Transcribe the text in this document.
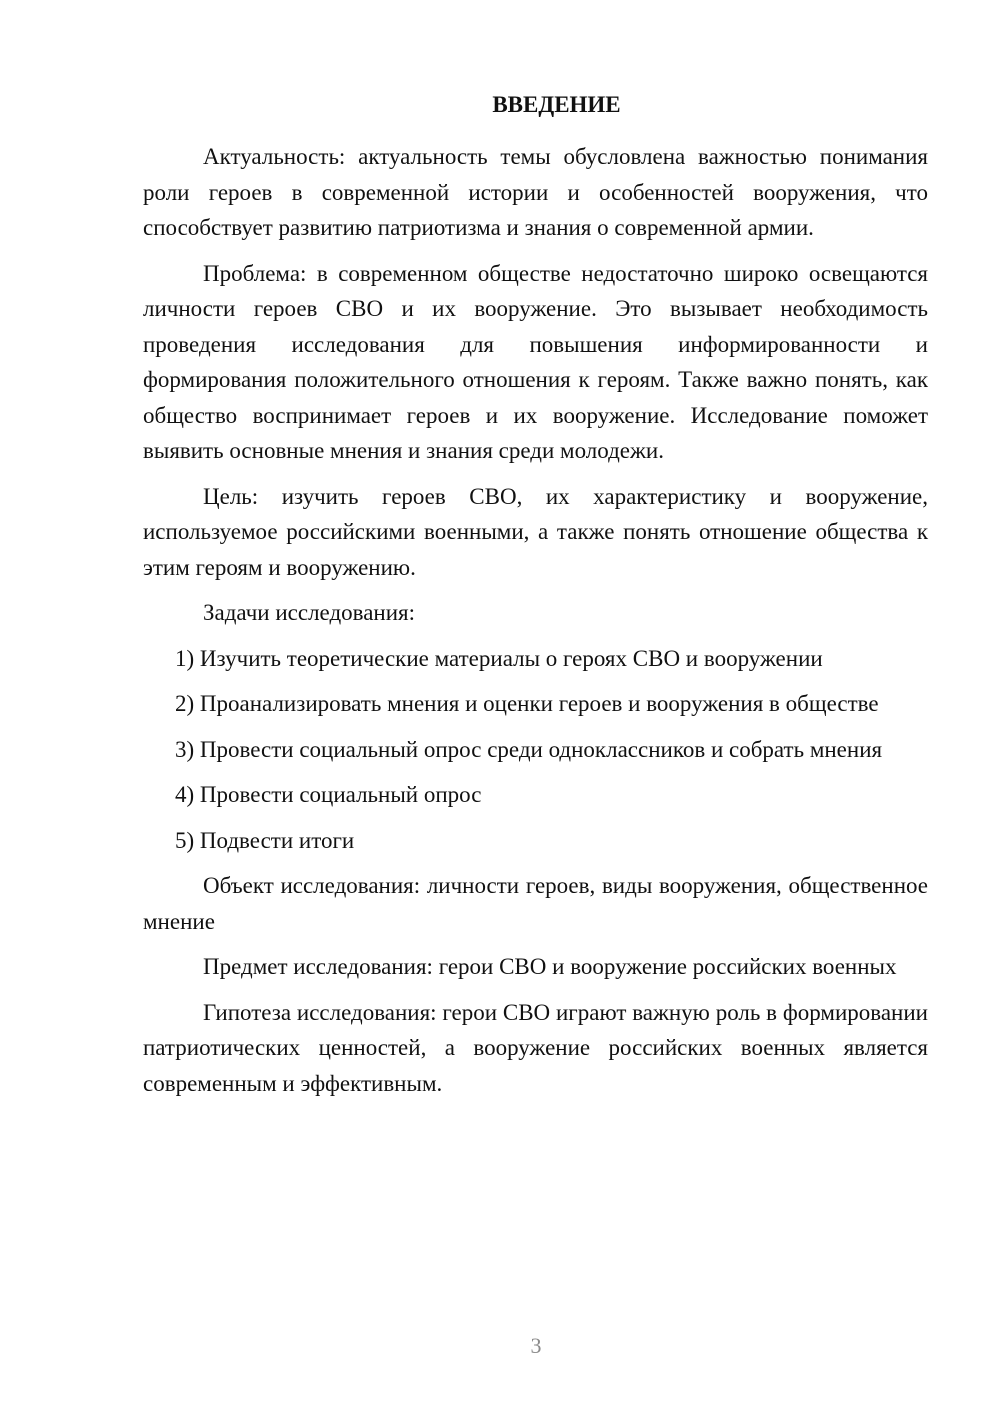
ВВЕДЕНИЕ

Актуальность: актуальность темы обусловлена важностью понимания роли героев в современной истории и особенностей вооружения, что способствует развитию патриотизма и знания о современной армии.

Проблема: в современном обществе недостаточно широко освещаются личности героев СВО и их вооружение. Это вызывает необходимость проведения исследования для повышения информированности и формирования положительного отношения к героям. Также важно понять, как общество воспринимает героев и их вооружение. Исследование поможет выявить основные мнения и знания среди молодежи.

Цель: изучить героев СВО, их характеристику и вооружение, используемое российскими военными, а также понять отношение общества к этим героям и вооружению.

Задачи исследования:

1) Изучить теоретические материалы о героях СВО и вооружении

2) Проанализировать мнения и оценки героев и вооружения в обществе

3) Провести социальный опрос среди одноклассников и собрать мнения

4) Провести социальный опрос

5) Подвести итоги

Объект исследования: личности героев, виды вооружения, общественное мнение

Предмет исследования: герои СВО и вооружение российских военных

Гипотеза исследования: герои СВО играют важную роль в формировании патриотических ценностей, а вооружение российских военных является современным и эффективным.

3
